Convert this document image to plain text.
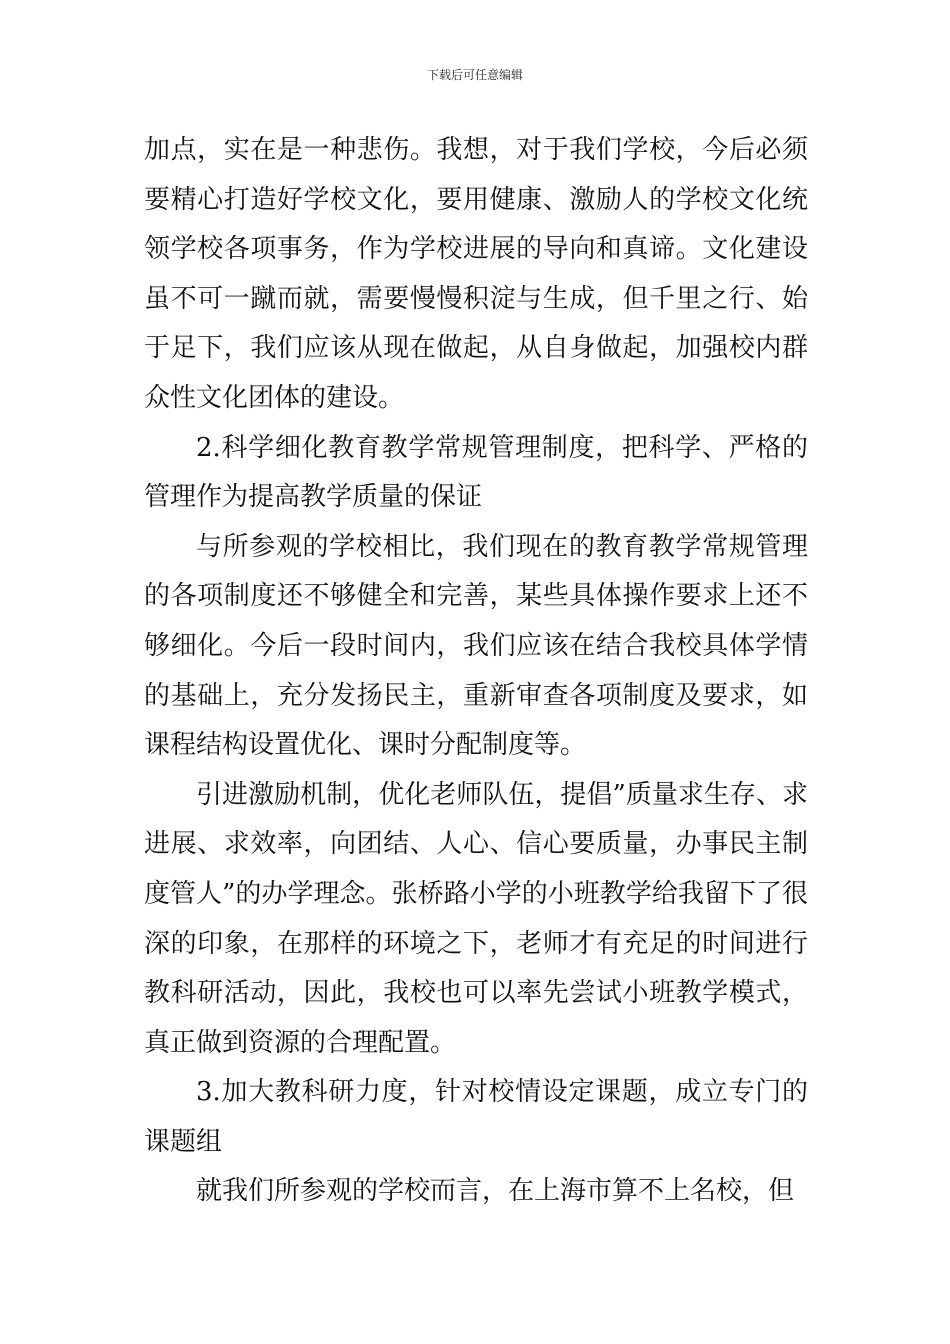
下载后可任意编辑

加点，实在是一种悲伤。我想，对于我们学校，今后必须要精心打造好学校文化，要用健康、激励人的学校文化统领学校各项事务，作为学校进展的导向和真谛。文化建设虽不可一蹴而就，需要慢慢积淀与生成，但千里之行、始于足下，我们应该从现在做起，从自身做起，加强校内群众性文化团体的建设。

2.科学细化教育教学常规管理制度，把科学、严格的管理作为提高教学质量的保证

与所参观的学校相比，我们现在的教育教学常规管理的各项制度还不够健全和完善，某些具体操作要求上还不够细化。今后一段时间内，我们应该在结合我校具体学情的基础上，充分发扬民主，重新审查各项制度及要求，如课程结构设置优化、课时分配制度等。

引进激励机制，优化老师队伍，提倡”质量求生存、求进展、求效率，向团结、人心、信心要质量，办事民主制度管人”的办学理念。张桥路小学的小班教学给我留下了很深的印象，在那样的环境之下，老师才有充足的时间进行教科研活动，因此，我校也可以率先尝试小班教学模式，真正做到资源的合理配置。

3.加大教科研力度，针对校情设定课题，成立专门的课题组

就我们所参观的学校而言，在上海市算不上名校，但
